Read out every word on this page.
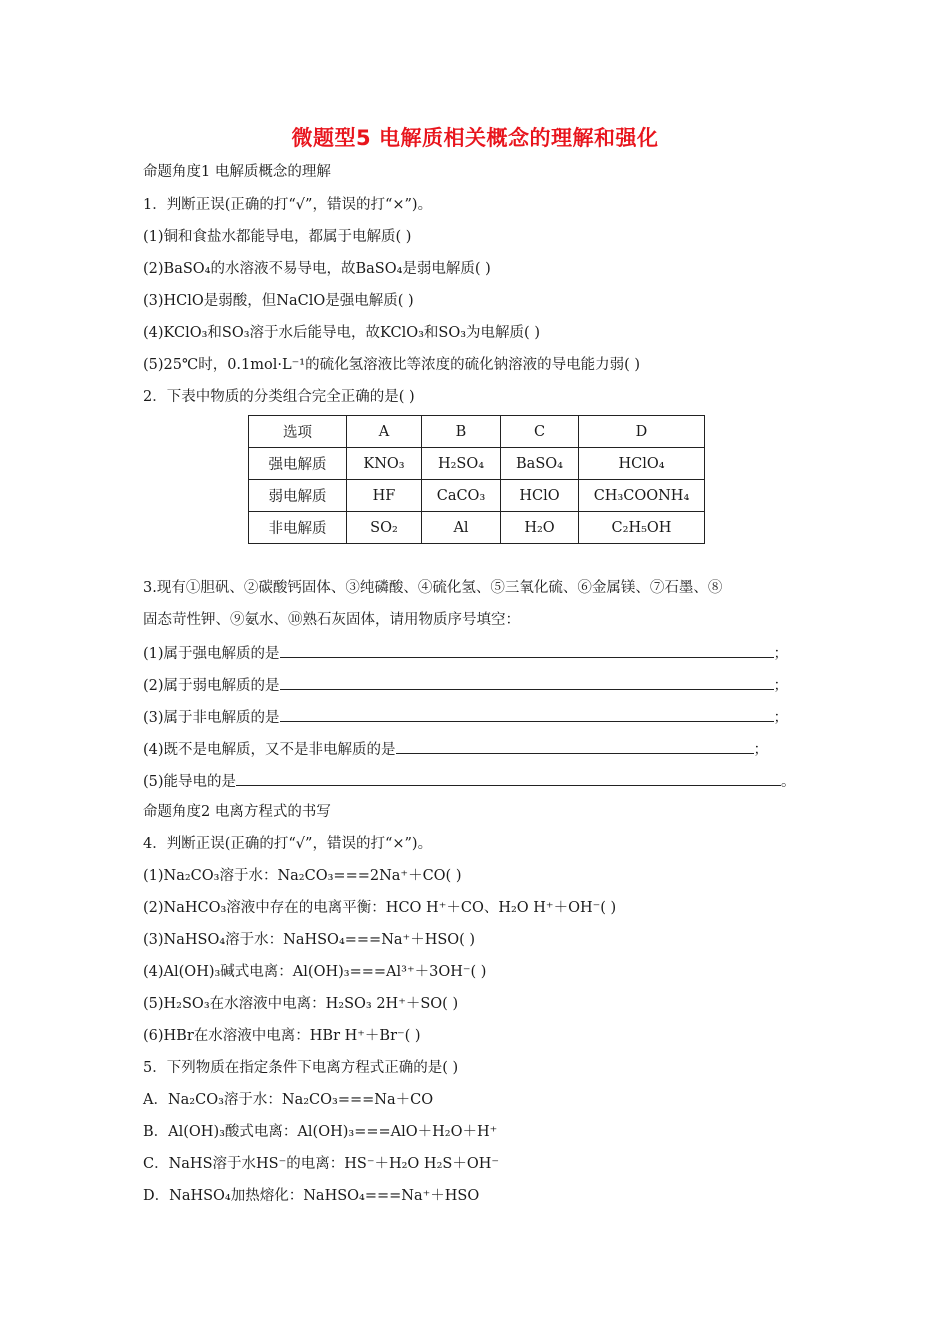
微题型5 电解质相关概念的理解和强化
命题角度1 电解质概念的理解
1．判断正误(正确的打“√”，错误的打“×”)。
(1)铜和食盐水都能导电，都属于电解质( )
(2)BaSO₄的水溶液不易导电，故BaSO₄是弱电解质( )
(3)HClO是弱酸，但NaClO是强电解质( )
(4)KClO₃和SO₃溶于水后能导电，故KClO₃和SO₃为电解质( )
(5)25℃时，0.1mol·L⁻¹的硫化氢溶液比等浓度的硫化钠溶液的导电能力弱( )
2．下表中物质的分类组合完全正确的是( )
选项	A	B	C	D
强电解质	KNO₃	H₂SO₄	BaSO₄	HClO₄
弱电解质	HF	CaCO₃	HClO	CH₃COONH₄
非电解质	SO₂	Al	H₂O	C₂H₅OH
3.现有①胆矾、②碳酸钙固体、③纯磷酸、④硫化氢、⑤三氧化硫、⑥金属镁、⑦石墨、⑧
固态苛性钾、⑨氨水、⑩熟石灰固体，请用物质序号填空：
(1)属于强电解质的是	；
(2)属于弱电解质的是	；
(3)属于非电解质的是	；
(4)既不是电解质，又不是非电解质的是	；
(5)能导电的是	。
命题角度2 电离方程式的书写
4．判断正误(正确的打“√”，错误的打“×”)。
(1)Na₂CO₃溶于水：Na₂CO₃===2Na⁺＋CO( )
(2)NaHCO₃溶液中存在的电离平衡：HCO H⁺＋CO、H₂O H⁺＋OH⁻( )
(3)NaHSO₄溶于水：NaHSO₄===Na⁺＋HSO( )
(4)Al(OH)₃碱式电离：Al(OH)₃===Al³⁺＋3OH⁻( )
(5)H₂SO₃在水溶液中电离：H₂SO₃ 2H⁺＋SO( )
(6)HBr在水溶液中电离：HBr H⁺＋Br⁻( )
5．下列物质在指定条件下电离方程式正确的是( )
A．Na₂CO₃溶于水：Na₂CO₃===Na＋CO
B．Al(OH)₃酸式电离：Al(OH)₃===AlO＋H₂O＋H⁺
C．NaHS溶于水HS⁻的电离：HS⁻＋H₂O H₂S＋OH⁻
D．NaHSO₄加热熔化：NaHSO₄===Na⁺＋HSO
